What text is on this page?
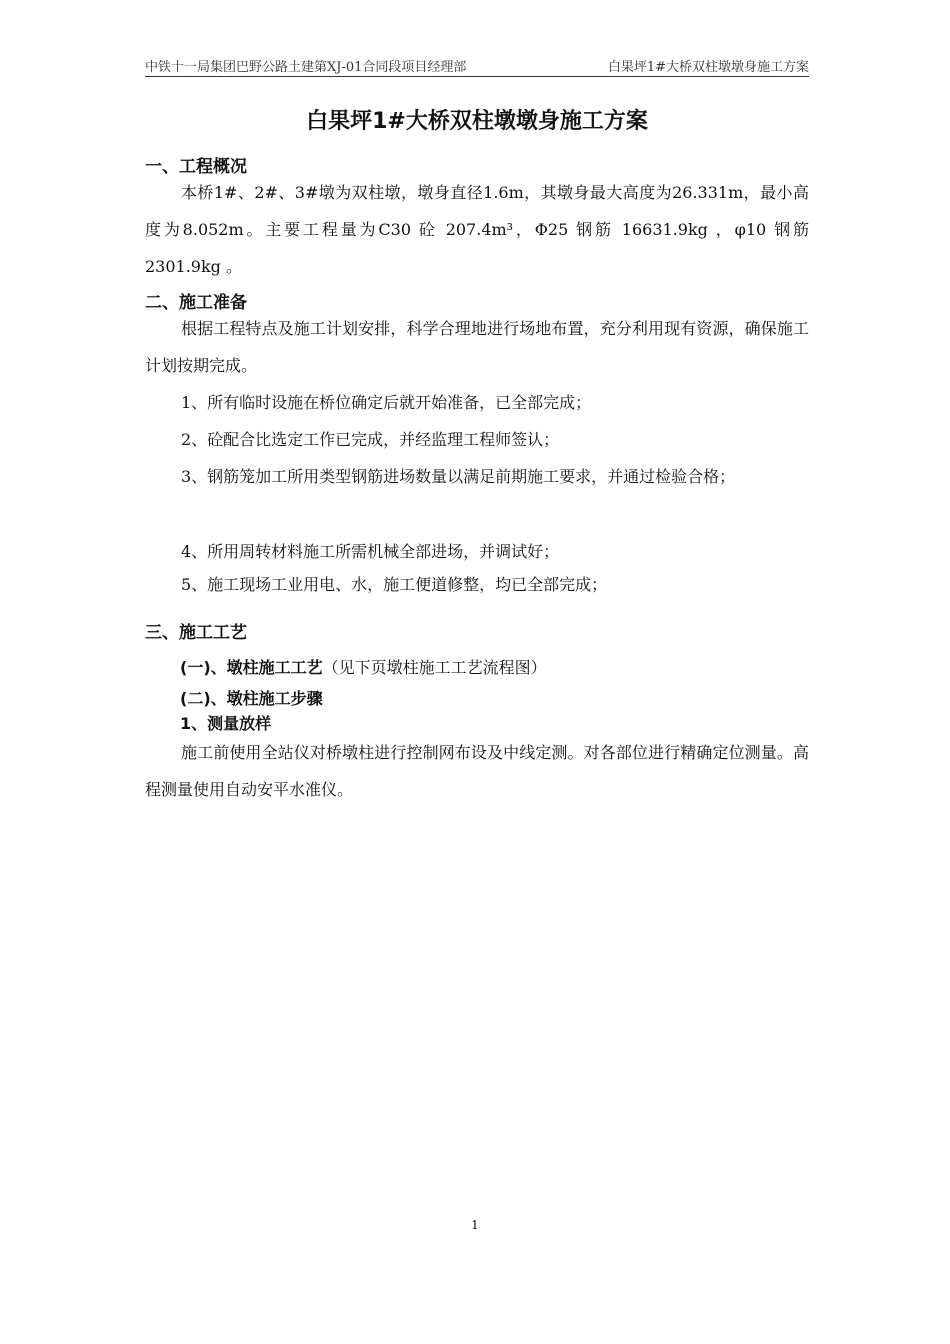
中铁十一局集团巴野公路土建第XJ-01合同段项目经理部	白果坪1#大桥双柱墩墩身施工方案
白果坪1#大桥双柱墩墩身施工方案
一、工程概况

本桥1#、2#、3#墩为双柱墩，墩身直径1.6m，其墩身最大高度为26.331m，最小高度为8.052m。主要工程量为C30 砼 207.4m³，Φ25 钢筋 16631.9kg ，φ10 钢筋 2301.9kg 。

二、施工准备

根据工程特点及施工计划安排，科学合理地进行场地布置，充分利用现有资源，确保施工计划按期完成。

1、所有临时设施在桥位确定后就开始准备，已全部完成；

2、砼配合比选定工作已完成，并经监理工程师签认；

3、钢筋笼加工所用类型钢筋进场数量以满足前期施工要求，并通过检验合格；

4、所用周转材料施工所需机械全部进场，并调试好；

5、施工现场工业用电、水，施工便道修整，均已全部完成；

三、施工工艺
(一)、墩柱施工工艺（见下页墩柱施工工艺流程图）
(二)、墩柱施工步骤
1、测量放样

施工前使用全站仪对桥墩柱进行控制网布设及中线定测。对各部位进行精确定位测量。高程测量使用自动安平水准仪。

1
